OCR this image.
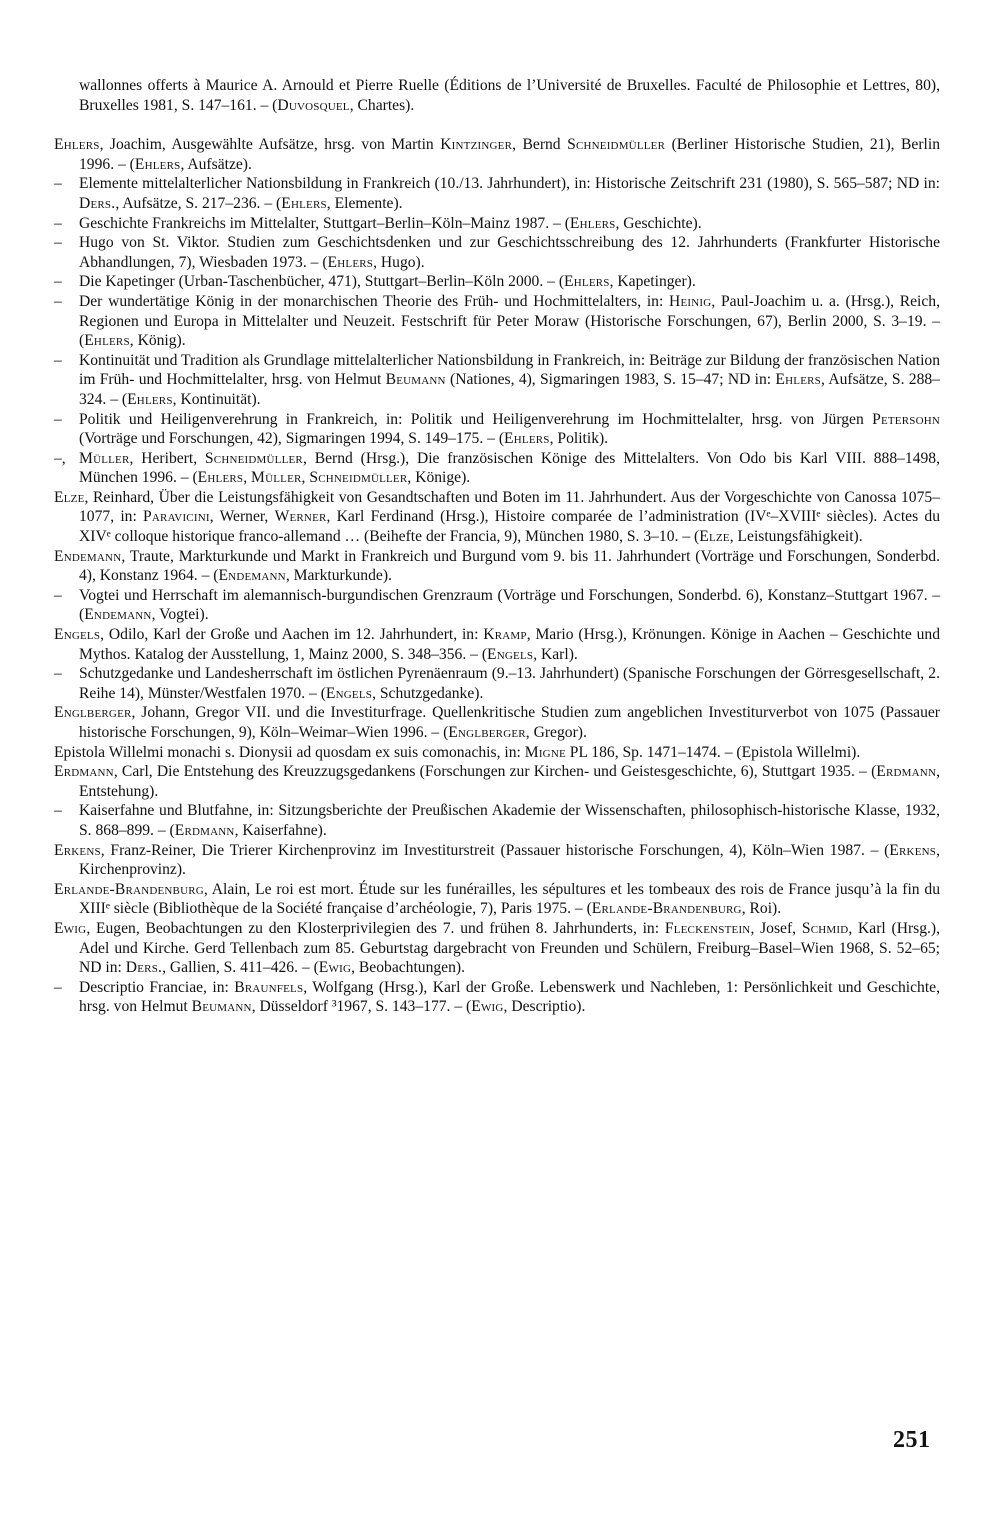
wallonnes offerts à Maurice A. Arnould et Pierre Ruelle (Éditions de l’Université de Bruxelles. Faculté de Philosophie et Lettres, 80), Bruxelles 1981, S. 147–161. – (Duvosquel, Chartes).

Ehlers, Joachim, Ausgewählte Aufsätze, hrsg. von Martin Kintzinger, Bernd Schneidmüller (Berliner Historische Studien, 21), Berlin 1996. – (Ehlers, Aufsätze).

– Elemente mittelalterlicher Nationsbildung in Frankreich (10./13. Jahrhundert), in: Historische Zeitschrift 231 (1980), S. 565–587; ND in: Ders., Aufsätze, S. 217–236. – (Ehlers, Elemente).

– Geschichte Frankreichs im Mittelalter, Stuttgart–Berlin–Köln–Mainz 1987. – (Ehlers, Geschichte).

– Hugo von St. Viktor. Studien zum Geschichtsdenken und zur Geschichtsschreibung des 12. Jahrhunderts (Frankfurter Historische Abhandlungen, 7), Wiesbaden 1973. – (Ehlers, Hugo).

– Die Kapetinger (Urban-Taschenbücher, 471), Stuttgart–Berlin–Köln 2000. – (Ehlers, Kapetinger).

– Der wundertätige König in der monarchischen Theorie des Früh- und Hochmittelalters, in: Heinig, Paul-Joachim u. a. (Hrsg.), Reich, Regionen und Europa in Mittelalter und Neuzeit. Festschrift für Peter Moraw (Historische Forschungen, 67), Berlin 2000, S. 3–19. – (Ehlers, König).

– Kontinuität und Tradition als Grundlage mittelalterlicher Nationsbildung in Frankreich, in: Beiträge zur Bildung der französischen Nation im Früh- und Hochmittelalter, hrsg. von Helmut Beumann (Nationes, 4), Sigmaringen 1983, S. 15–47; ND in: Ehlers, Aufsätze, S. 288–324. – (Ehlers, Kontinuität).

– Politik und Heiligenverehrung in Frankreich, in: Politik und Heiligenverehrung im Hochmittelalter, hrsg. von Jürgen Petersohn (Vorträge und Forschungen, 42), Sigmaringen 1994, S. 149–175. – (Ehlers, Politik).

–, Müller, Heribert, Schneidmüller, Bernd (Hrsg.), Die französischen Könige des Mittelalters. Von Odo bis Karl VIII. 888–1498, München 1996. – (Ehlers, Müller, Schneidmüller, Könige).

Elze, Reinhard, Über die Leistungsfähigkeit von Gesandtschaften und Boten im 11. Jahrhundert. Aus der Vorgeschichte von Canossa 1075–1077, in: Paravicini, Werner, Werner, Karl Ferdinand (Hrsg.), Histoire comparée de l’administration (IVᵉ–XVIIIᵉ siècles). Actes du XIVᵉ colloque historique franco-allemand … (Beihefte der Francia, 9), München 1980, S. 3–10. – (Elze, Leistungsfähigkeit).

Endemann, Traute, Markturkunde und Markt in Frankreich und Burgund vom 9. bis 11. Jahrhundert (Vorträge und Forschungen, Sonderbd. 4), Konstanz 1964. – (Endemann, Markturkunde).

– Vogtei und Herrschaft im alemannisch-burgundischen Grenzraum (Vorträge und Forschungen, Sonderbd. 6), Konstanz–Stuttgart 1967. – (Endemann, Vogtei).

Engels, Odilo, Karl der Große und Aachen im 12. Jahrhundert, in: Kramp, Mario (Hrsg.), Krönungen. Könige in Aachen – Geschichte und Mythos. Katalog der Ausstellung, 1, Mainz 2000, S. 348–356. – (Engels, Karl).

– Schutzgedanke und Landesherrschaft im östlichen Pyrenäenraum (9.–13. Jahrhundert) (Spanische Forschungen der Görresgesellschaft, 2. Reihe 14), Münster/Westfalen 1970. – (Engels, Schutzgedanke).

Englberger, Johann, Gregor VII. und die Investiturfrage. Quellenkritische Studien zum angeblichen Investiturverbot von 1075 (Passauer historische Forschungen, 9), Köln–Weimar–Wien 1996. – (Englberger, Gregor).

Epistola Willelmi monachi s. Dionysii ad quosdam ex suis comonachis, in: Migne PL 186, Sp. 1471–1474. – (Epistola Willelmi).

Erdmann, Carl, Die Entstehung des Kreuzzugsgedankens (Forschungen zur Kirchen- und Geistesgeschichte, 6), Stuttgart 1935. – (Erdmann, Entstehung).

– Kaiserfahne und Blutfahne, in: Sitzungsberichte der Preußischen Akademie der Wissenschaften, philosophisch-historische Klasse, 1932, S. 868–899. – (Erdmann, Kaiserfahne).

Erkens, Franz-Reiner, Die Trierer Kirchenprovinz im Investiturstreit (Passauer historische Forschungen, 4), Köln–Wien 1987. – (Erkens, Kirchenprovinz).

Erlande-Brandenburg, Alain, Le roi est mort. Étude sur les funérailles, les sépultures et les tombeaux des rois de France jusqu’à la fin du XIIIᵉ siècle (Bibliothèque de la Société française d’archéologie, 7), Paris 1975. – (Erlande-Brandenburg, Roi).

Ewig, Eugen, Beobachtungen zu den Klosterprivilegien des 7. und frühen 8. Jahrhunderts, in: Fleckenstein, Josef, Schmid, Karl (Hrsg.), Adel und Kirche. Gerd Tellenbach zum 85. Geburtstag dargebracht von Freunden und Schülern, Freiburg–Basel–Wien 1968, S. 52–65; ND in: Ders., Gallien, S. 411–426. – (Ewig, Beobachtungen).

– Descriptio Franciae, in: Braunfels, Wolfgang (Hrsg.), Karl der Große. Lebenswerk und Nachleben, 1: Persönlichkeit und Geschichte, hrsg. von Helmut Beumann, Düsseldorf ³1967, S. 143–177. – (Ewig, Descriptio).

251
